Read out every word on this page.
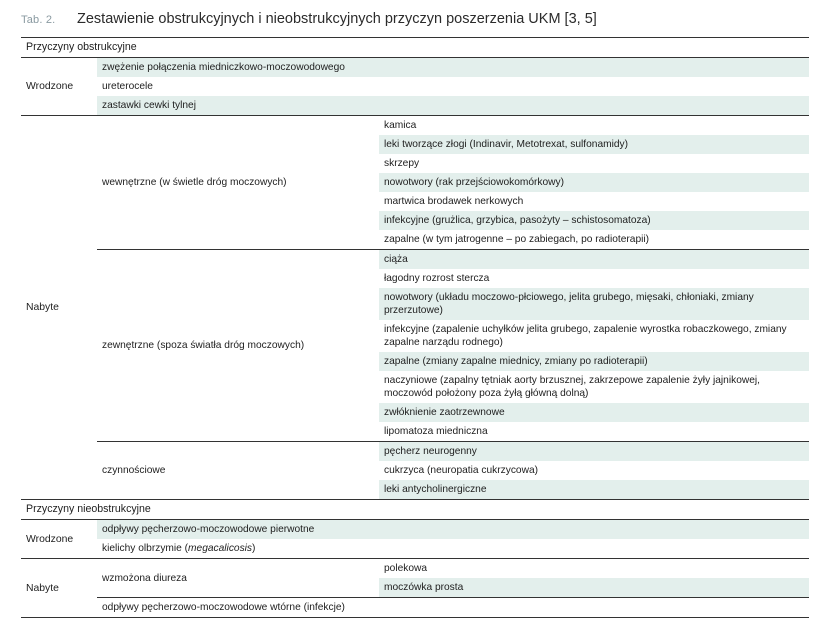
Tab. 2. Zestawienie obstrukcyjnych i nieobstrukcyjnych przyczyn poszerzenia UKM [3, 5]
Przyczyny obstrukcyjne		
Wrodzone	zwężenie połączenia miedniczkowo-moczowodowego	
	ureterocele	
	zastawki cewki tylnej	
Nabyte	wewnętrzne (w świetle dróg moczowych)	kamica
		leki tworzące złogi (Indinavir, Metotrexat, sulfonamidy)
		skrzepy
		nowotwory (rak przejściowokomórkowy)
		martwica brodawek nerkowych
		infekcyjne (grużlica, grzybica, pasożyty – schistosomatoza)
		zapalne (w tym jatrogenne – po zabiegach, po radioterapii)
	zewnętrzne (spoza światła dróg moczowych)	ciąża
		łagodny rozrost stercza
		nowotwory (układu moczowo-płciowego, jelita grubego, mięsaki, chłoniaki, zmiany przerzutowe)
		infekcyjne (zapalenie uchyłków jelita grubego, zapalenie wyrostka robaczkowego, zmiany zapalne narządu rodnego)
		zapalne (zmiany zapalne miednicy, zmiany po radioterapii)
		naczyniowe (zapalny tętniak aorty brzusznej, zakrzepowe zapalenie żyły jajnikowej, moczowód położony poza żyłą główną dolną)
		zwłóknienie zaotrzewnowe
		lipomatoza miedniczna
	czynnościowe	pęcherz neurogenny
		cukrzyca (neuropatia cukrzycowa)
		leki antycholinergiczne
Przyczyny nieobstrukcyjne		
Wrodzone	odpływy pęcherzowo-moczowodowe pierwotne	
	kielichy olbrzymie (megacalicosis)	
Nabyte	wzmożona diureza	polekowa
		moczówka prosta
	odpływy pęcherzowo-moczowodowe wtórne (infekcje)	
